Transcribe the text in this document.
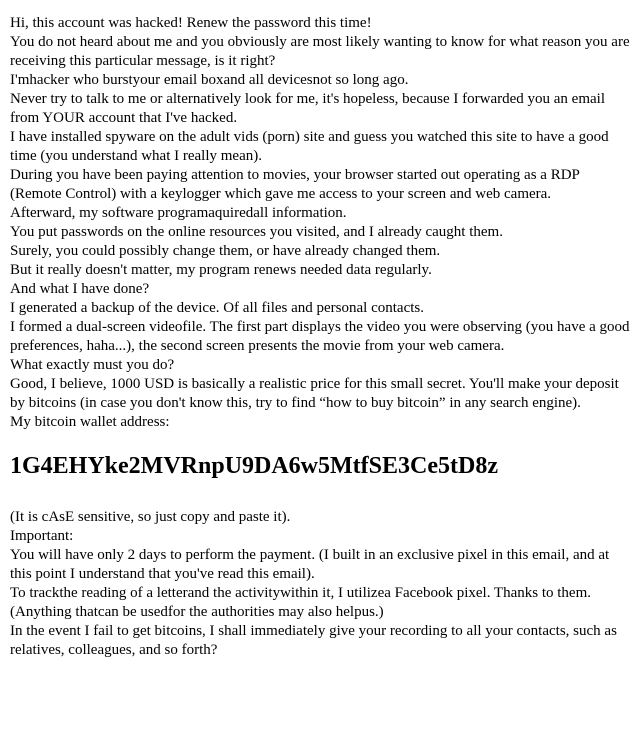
Hi, this account was hacked! Renew the password this time!

You do not heard about me and you obviously are most likely wanting to know for what reason you are receiving this particular message, is it right?

I'mhacker who burstyour email boxand all devicesnot so long ago.

Never try to talk to me or alternatively look for me, it's hopeless, because I forwarded you an email from YOUR account that I've hacked.

I have installed spyware on the adult vids (porn) site and guess you watched this site to have a good time (you understand what I really mean).

During you have been paying attention to movies, your browser started out operating as a RDP (Remote Control) with a keylogger which gave me access to your screen and web camera.

Afterward, my software programaquiredall information.

You put passwords on the online resources you visited, and I already caught them.

Surely, you could possibly change them, or have already changed them.

But it really doesn't matter, my program renews needed data regularly.

And what I have done?

I generated a backup of the device. Of all files and personal contacts.

I formed a dual-screen videofile. The first part displays the video you were observing (you have a good preferences, haha...), the second screen presents the movie from your web camera.

What exactly must you do?

Good, I believe, 1000 USD is basically a realistic price for this small secret. You'll make your deposit by bitcoins (in case you don't know this, try to find “how to buy bitcoin” in any search engine).

My bitcoin wallet address:

1G4EHYke2MVRnpU9DA6w5MtfSE3Ce5tD8z

(It is cAsE sensitive, so just copy and paste it).

Important:

You will have only 2 days to perform the payment. (I built in an exclusive pixel in this email, and at this point I understand that you've read this email).

To trackthe reading of a letterand the activitywithin it, I utilizea Facebook pixel. Thanks to them. (Anything thatcan be usedfor the authorities may also helpus.)

In the event I fail to get bitcoins, I shall immediately give your recording to all your contacts, such as relatives, colleagues, and so forth?
